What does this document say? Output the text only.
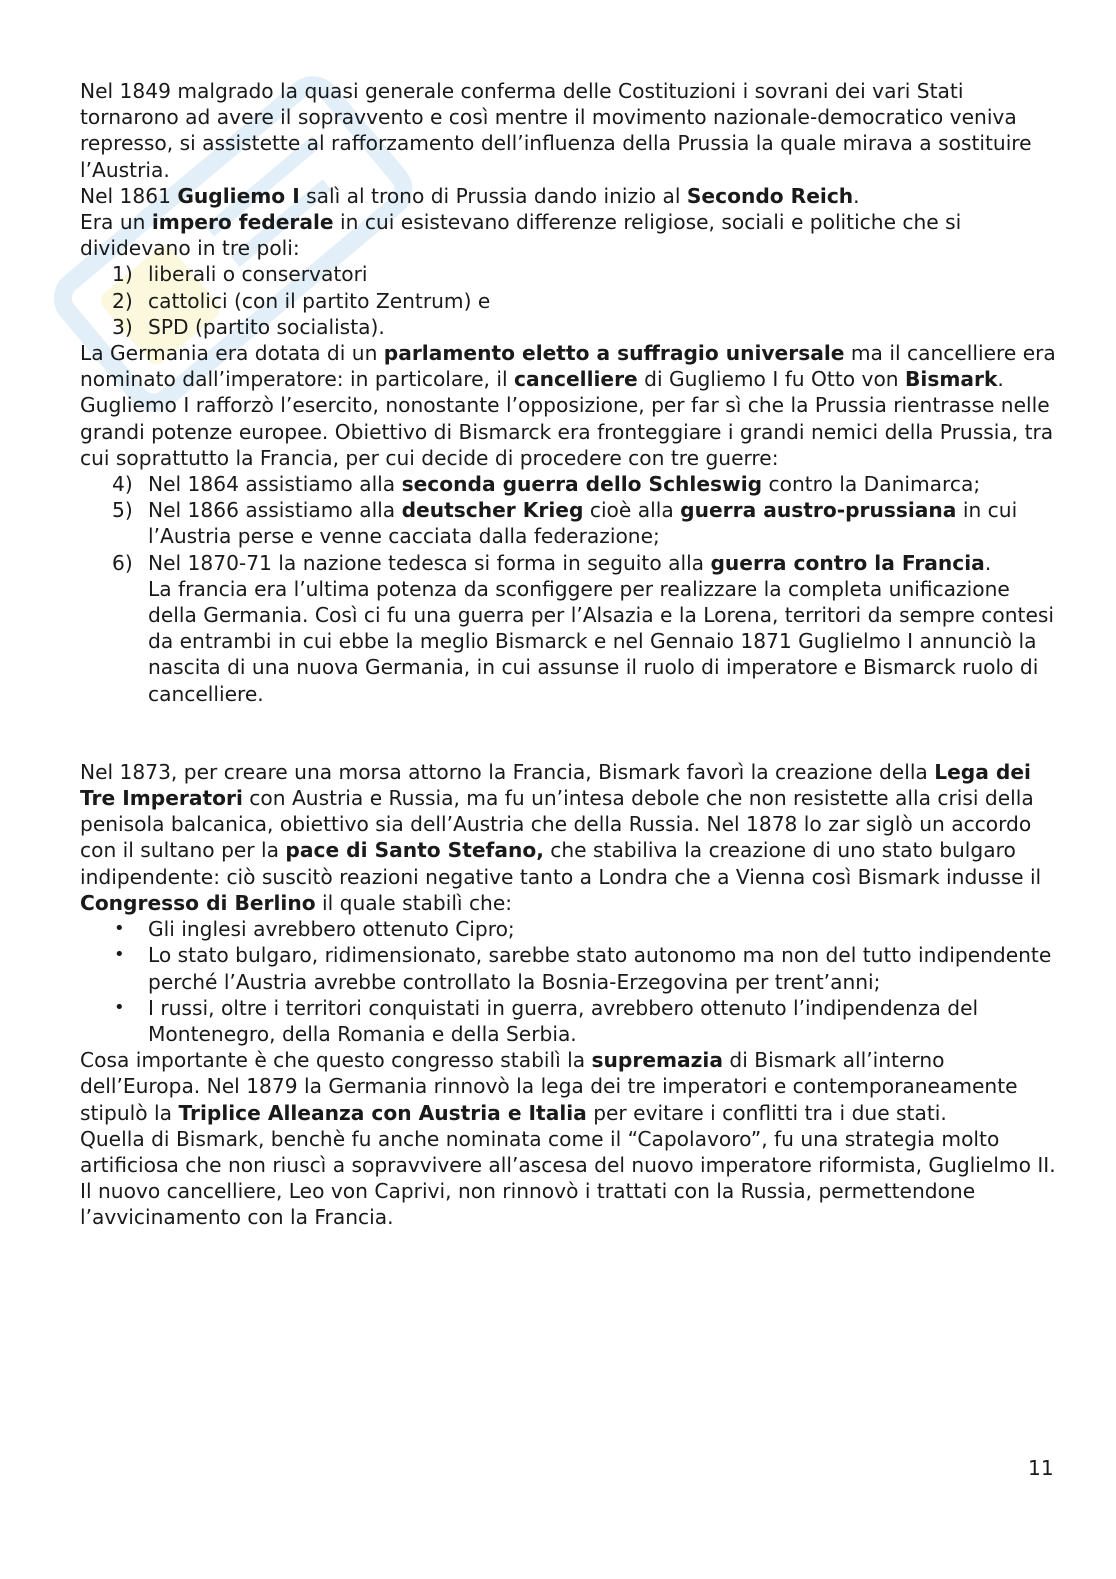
Nel 1849 malgrado la quasi generale conferma delle Costituzioni i sovrani dei vari Stati tornarono ad avere il sopravvento e così mentre il movimento nazionale-democratico veniva represso, si assistette al rafforzamento dell’influenza della Prussia la quale mirava a sostituire l’Austria.

Nel 1861 Gugliemo I salì al trono di Prussia dando inizio al Secondo Reich.

Era un impero federale in cui esistevano differenze religiose, sociali e politiche che si dividevano in tre poli:

1) liberali o conservatori
2) cattolici (con il partito Zentrum) e
3) SPD (partito socialista).

La Germania era dotata di un parlamento eletto a suffragio universale ma il cancelliere era nominato dall’imperatore: in particolare, il cancelliere di Gugliemo I fu Otto von Bismark. Gugliemo I rafforzò l’esercito, nonostante l’opposizione, per far sì che la Prussia rientrasse nelle grandi potenze europee. Obiettivo di Bismarck era fronteggiare i grandi nemici della Prussia, tra cui soprattutto la Francia, per cui decide di procedere con tre guerre:

4) Nel 1864 assistiamo alla seconda guerra dello Schleswig contro la Danimarca;
5) Nel 1866 assistiamo alla deutscher Krieg cioè alla guerra austro-prussiana in cui l’Austria perse e venne cacciata dalla federazione;
6) Nel 1870-71 la nazione tedesca si forma in seguito alla guerra contro la Francia.
La francia era l’ultima potenza da sconfiggere per realizzare la completa unificazione della Germania. Così ci fu una guerra per l’Alsazia e la Lorena, territori da sempre contesi da entrambi in cui ebbe la meglio Bismarck e nel Gennaio 1871 Guglielmo I annunciò la nascita di una nuova Germania, in cui assunse il ruolo di imperatore e Bismarck ruolo di cancelliere.

Nel 1873, per creare una morsa attorno la Francia, Bismark favorì la creazione della Lega dei Tre Imperatori con Austria e Russia, ma fu un’intesa debole che non resistette alla crisi della penisola balcanica, obiettivo sia dell’Austria che della Russia. Nel 1878 lo zar siglò un accordo con il sultano per la pace di Santo Stefano, che stabiliva la creazione di uno stato bulgaro indipendente: ciò suscitò reazioni negative tanto a Londra che a Vienna così Bismark indusse il Congresso di Berlino il quale stabilì che:

• Gli inglesi avrebbero ottenuto Cipro;
• Lo stato bulgaro, ridimensionato, sarebbe stato autonomo ma non del tutto indipendente perché l’Austria avrebbe controllato la Bosnia-Erzegovina per trent’anni;
• I russi, oltre i territori conquistati in guerra, avrebbero ottenuto l’indipendenza del Montenegro, della Romania e della Serbia.

Cosa importante è che questo congresso stabilì la supremazia di Bismark all’interno dell’Europa. Nel 1879 la Germania rinnovò la lega dei tre imperatori e contemporaneamente stipulò la Triplice Alleanza con Austria e Italia per evitare i conflitti tra i due stati.

Quella di Bismark, benchè fu anche nominata come il “Capolavoro”, fu una strategia molto artificiosa che non riuscì a sopravvivere all’ascesa del nuovo imperatore riformista, Guglielmo II.

Il nuovo cancelliere, Leo von Caprivi, non rinnovò i trattati con la Russia, permettendone l’avvicinamento con la Francia.

11
